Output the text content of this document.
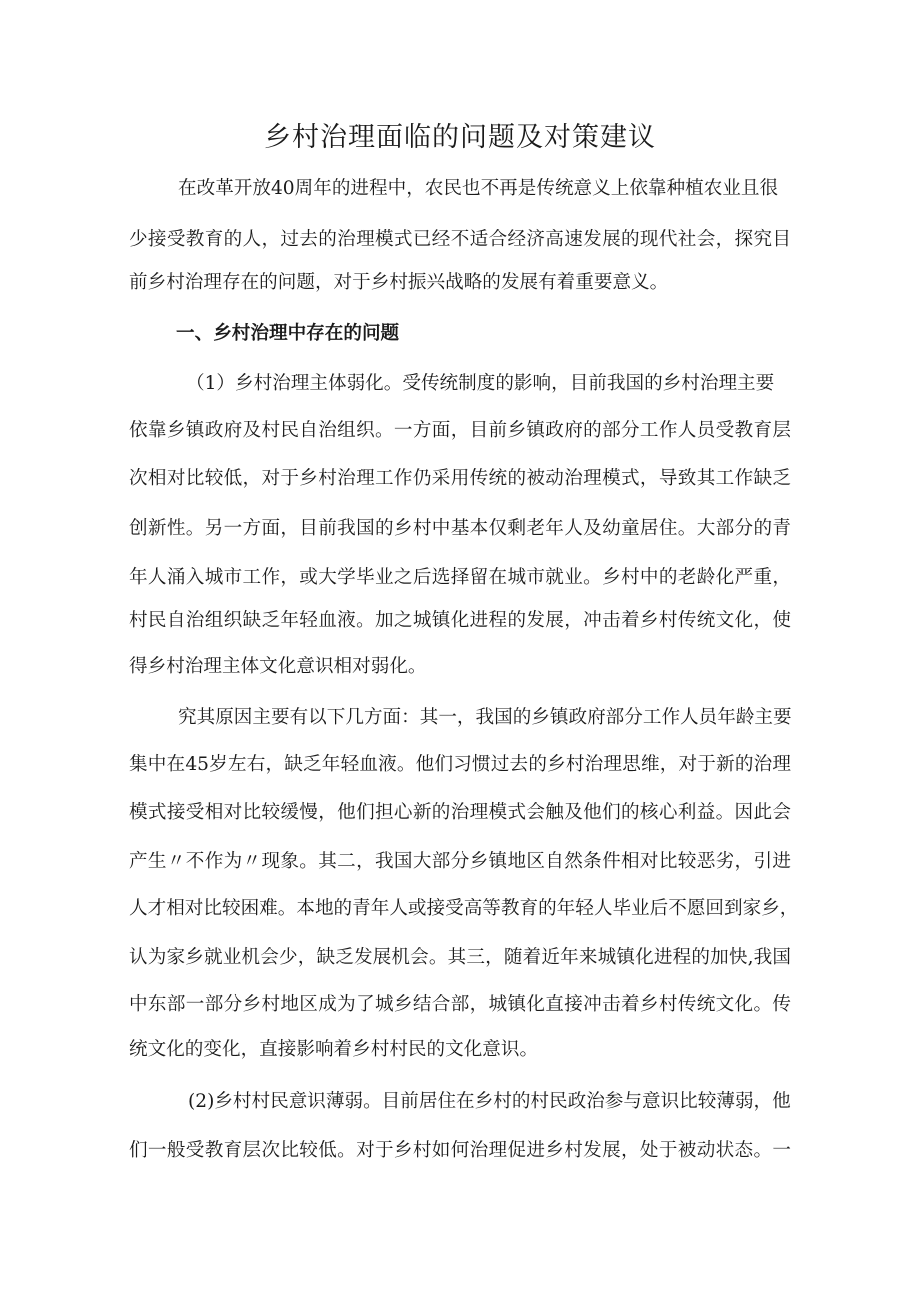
乡村治理面临的问题及对策建议
在改革开放40周年的进程中，农民也不再是传统意义上依靠种植农业且很
少接受教育的人，过去的治理模式已经不适合经济高速发展的现代社会，探究目
前乡村治理存在的问题，对于乡村振兴战略的发展有着重要意义。
一、乡村治理中存在的问题
（1）乡村治理主体弱化。受传统制度的影响，目前我国的乡村治理主要
依靠乡镇政府及村民自治组织。一方面，目前乡镇政府的部分工作人员受教育层
次相对比较低，对于乡村治理工作仍采用传统的被动治理模式，导致其工作缺乏
创新性。另一方面，目前我国的乡村中基本仅剩老年人及幼童居住。大部分的青
年人涌入城市工作，或大学毕业之后选择留在城市就业。乡村中的老龄化严重，
村民自治组织缺乏年轻血液。加之城镇化进程的发展，冲击着乡村传统文化，使
得乡村治理主体文化意识相对弱化。
究其原因主要有以下几方面：其一，我国的乡镇政府部分工作人员年龄主要
集中在45岁左右，缺乏年轻血液。他们习惯过去的乡村治理思维，对于新的治理
模式接受相对比较缓慢，他们担心新的治理模式会触及他们的核心利益。因此会
产生〃不作为〃现象。其二，我国大部分乡镇地区自然条件相对比较恶劣，引进
人才相对比较困难。本地的青年人或接受高等教育的年轻人毕业后不愿回到家乡，
认为家乡就业机会少，缺乏发展机会。其三，随着近年来城镇化进程的加快,我国
中东部一部分乡村地区成为了城乡结合部，城镇化直接冲击着乡村传统文化。传
统文化的变化，直接影响着乡村村民的文化意识。
(2)乡村村民意识薄弱。目前居住在乡村的村民政治参与意识比较薄弱，他
们一般受教育层次比较低。对于乡村如何治理促进乡村发展，处于被动状态。一
